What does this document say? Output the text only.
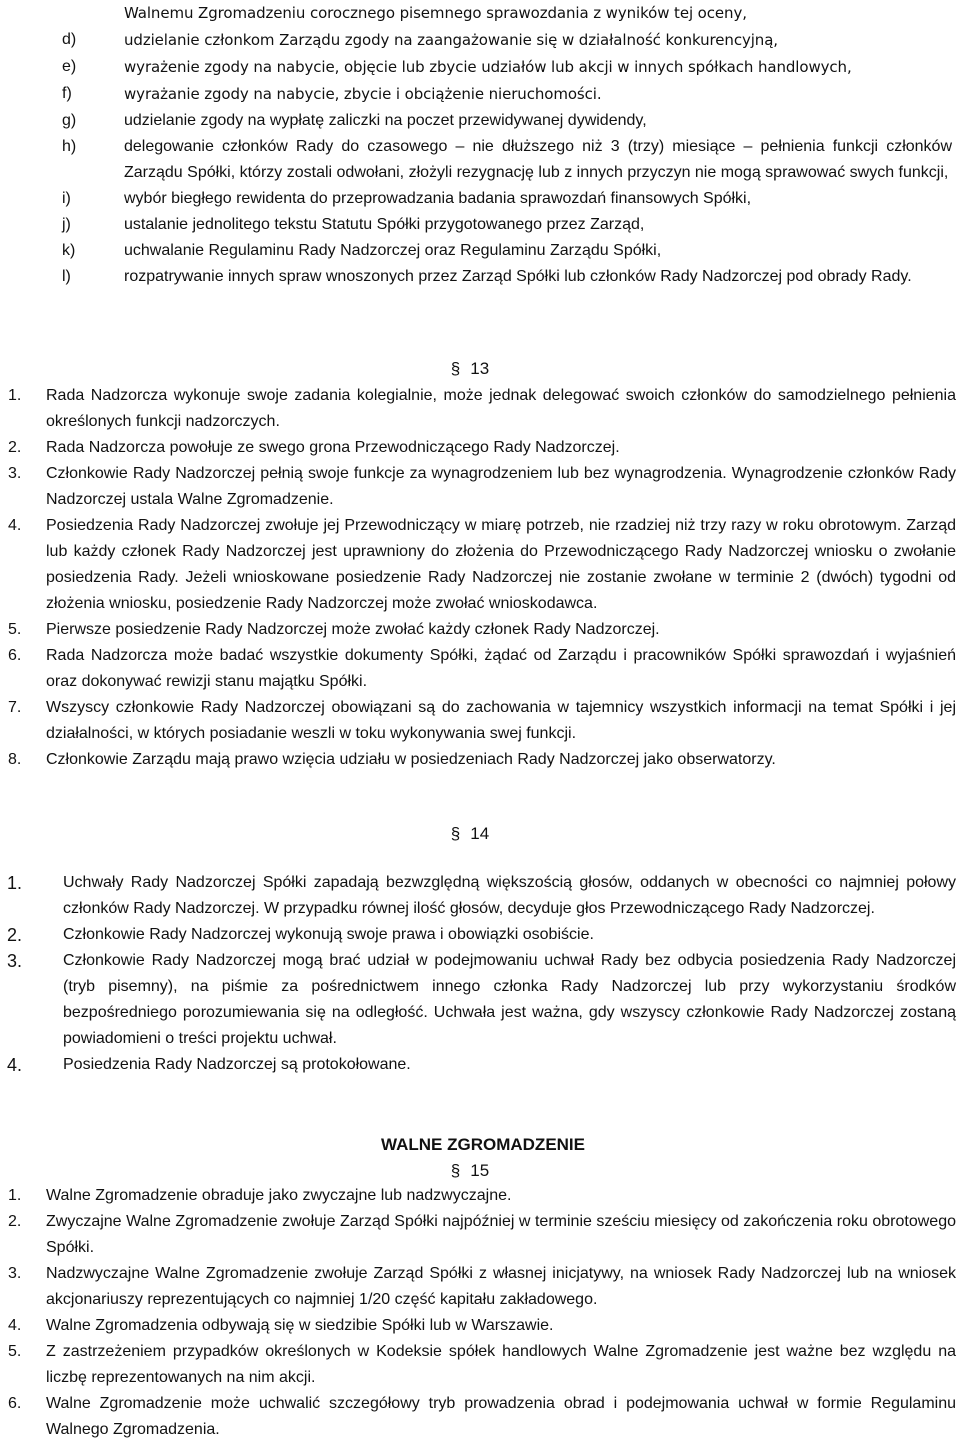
Walnemu Zgromadzeniu corocznego pisemnego sprawozdania z wyników tej oceny,
d)	udzielanie członkom Zarządu zgody na zaangażowanie się w działalność konkurencyjną,
e)	wyrażenie zgody na nabycie, objęcie lub zbycie udziałów lub akcji w innych spółkach handlowych,
f)	wyrażanie zgody na nabycie, zbycie i obciążenie nieruchomości.
g)	udzielanie zgody na wypłatę zaliczki na poczet przewidywanej dywidendy,
h)	delegowanie członków Rady do czasowego – nie dłuższego niż 3 (trzy) miesiące – pełnienia funkcji członków Zarządu Spółki, którzy zostali odwołani, złożyli rezygnację lub z innych przyczyn nie mogą sprawować swych funkcji,
i)	wybór biegłego rewidenta do przeprowadzania badania sprawozdań finansowych Spółki,
j)	ustalanie jednolitego tekstu Statutu Spółki przygotowanego przez Zarząd,
k)	uchwalanie Regulaminu Rady Nadzorczej oraz Regulaminu Zarządu Spółki,
l)	rozpatrywanie innych spraw wnoszonych przez Zarząd Spółki lub członków Rady Nadzorczej pod obrady Rady.
§ 13
1. Rada Nadzorcza wykonuje swoje zadania kolegialnie, może jednak delegować swoich członków do samodzielnego pełnienia określonych funkcji nadzorczych.
2. Rada Nadzorcza powołuje ze swego grona Przewodniczącego Rady Nadzorczej.
3. Członkowie Rady Nadzorczej pełnią swoje funkcje za wynagrodzeniem lub bez wynagrodzenia. Wynagrodzenie członków Rady Nadzorczej ustala Walne Zgromadzenie.
4. Posiedzenia Rady Nadzorczej zwołuje jej Przewodniczący w miarę potrzeb, nie rzadziej niż trzy razy w roku obrotowym. Zarząd lub każdy członek Rady Nadzorczej jest uprawniony do złożenia do Przewodniczącego Rady Nadzorczej wniosku o zwołanie posiedzenia Rady. Jeżeli wnioskowane posiedzenie Rady Nadzorczej nie zostanie zwołane w terminie 2 (dwóch) tygodni od złożenia wniosku, posiedzenie Rady Nadzorczej może zwołać wnioskodawca.
5. Pierwsze posiedzenie Rady Nadzorczej może zwołać każdy członek Rady Nadzorczej.
6. Rada Nadzorcza może badać wszystkie dokumenty Spółki, żądać od Zarządu i pracowników Spółki sprawozdań i wyjaśnień oraz dokonywać rewizji stanu majątku Spółki.
7. Wszyscy członkowie Rady Nadzorczej obowiązani są do zachowania w tajemnicy wszystkich informacji na temat Spółki i jej działalności, w których posiadanie weszli w toku wykonywania swej funkcji.
8. Członkowie Zarządu mają prawo wzięcia udziału w posiedzeniach Rady Nadzorczej jako obserwatorzy.
§ 14
1.	Uchwały Rady Nadzorczej Spółki zapadają bezwzględną większością głosów, oddanych w obecności co najmniej połowy członków Rady Nadzorczej. W przypadku równej ilość głosów, decyduje głos Przewodniczącego Rady Nadzorczej.
2.	Członkowie Rady Nadzorczej wykonują swoje prawa i obowiązki osobiście.
3.	Członkowie Rady Nadzorczej mogą brać udział w podejmowaniu uchwał Rady bez odbycia posiedzenia Rady Nadzorczej (tryb pisemny), na piśmie za pośrednictwem innego członka Rady Nadzorczej lub przy wykorzystaniu środków bezpośredniego porozumiewania się na odległość. Uchwała jest ważna, gdy wszyscy członkowie Rady Nadzorczej zostaną powiadomieni o treści projektu uchwał.
4.	Posiedzenia Rady Nadzorczej są protokołowane.
WALNE ZGROMADZENIE
§ 15
1. Walne Zgromadzenie obraduje jako zwyczajne lub nadzwyczajne.
2. Zwyczajne Walne Zgromadzenie zwołuje Zarząd Spółki najpóźniej w terminie sześciu miesięcy od zakończenia roku obrotowego Spółki.
3. Nadzwyczajne Walne Zgromadzenie zwołuje Zarząd Spółki z własnej inicjatywy, na wniosek Rady Nadzorczej lub na wniosek akcjonariuszy reprezentujących co najmniej 1/20 część kapitału zakładowego.
4. Walne Zgromadzenia odbywają się w siedzibie Spółki lub w Warszawie.
5. Z zastrzeżeniem przypadków określonych w Kodeksie spółek handlowych Walne Zgromadzenie jest ważne bez względu na liczbę reprezentowanych na nim akcji.
6. Walne Zgromadzenie może uchwalić szczegółowy tryb prowadzenia obrad i podejmowania uchwał w formie Regulaminu Walnego Zgromadzenia.
